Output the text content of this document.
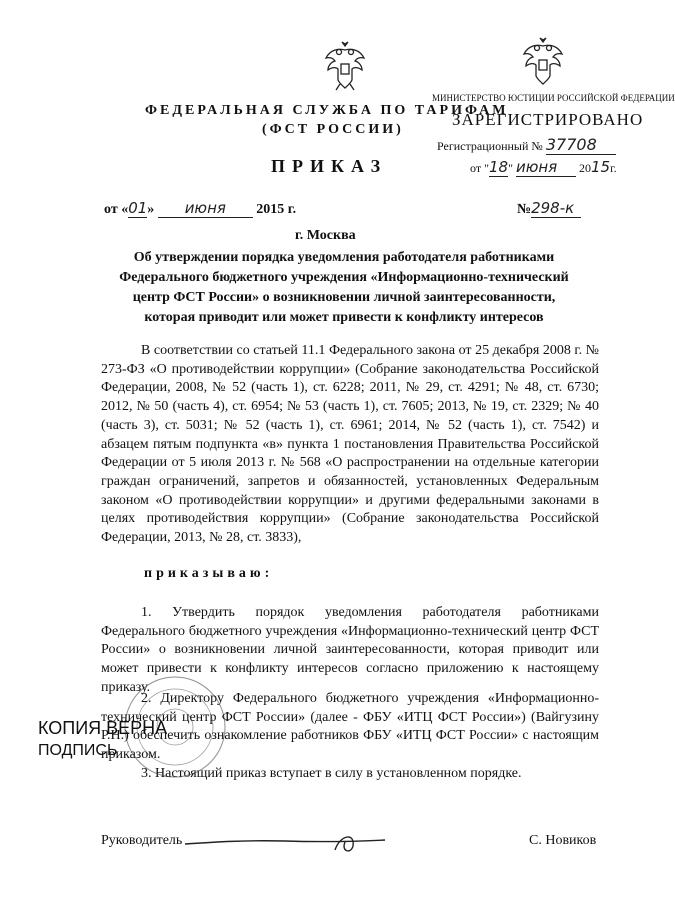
МИНИСТЕРСТВО ЮСТИЦИИ РОССИЙСКОЙ ФЕДЕРАЦИИ
ЗАРЕГИСТРИРОВАНО
Регистрационный № 37708
от "18" июня 2015г.
ФЕДЕРАЛЬНАЯ СЛУЖБА ПО ТАРИФАМ
(ФСТ РОССИИ)
ПРИКАЗ
от «01» июня 2015 г.	№298-к
г. Москва
Об утверждении порядка уведомления работодателя работниками
Федерального бюджетного учреждения «Информационно-технический
центр ФСТ России» о возникновении личной заинтересованности,
которая приводит или может привести к конфликту интересов
В соответствии со статьей 11.1 Федерального закона от 25 декабря 2008 г. № 273-ФЗ «О противодействии коррупции» (Собрание законодательства Российской Федерации, 2008, № 52 (часть 1), ст. 6228; 2011, № 29, ст. 4291; № 48, ст. 6730; 2012, № 50 (часть 4), ст. 6954; № 53 (часть 1), ст. 7605; 2013, № 19, ст. 2329; № 40 (часть 3), ст. 5031; № 52 (часть 1), ст. 6961; 2014, № 52 (часть 1), ст. 7542) и абзацем пятым подпункта «в» пункта 1 постановления Правительства Российской Федерации от 5 июля 2013 г. № 568 «О распространении на отдельные категории граждан ограничений, запретов и обязанностей, установленных Федеральным законом «О противодействии коррупции» и другими федеральными законами в целях противодействия коррупции» (Собрание законодательства Российской Федерации, 2013, № 28, ст. 3833),
приказываю:
1. Утвердить порядок уведомления работодателя работниками Федерального бюджетного учреждения «Информационно-технический центр ФСТ России» о возникновении личной заинтересованности, которая приводит или может привести к конфликту интересов согласно приложению к настоящему приказу.
2. Директору Федерального бюджетного учреждения «Информационно-технический центр ФСТ России» (далее - ФБУ «ИТЦ ФСТ России») (Вайгузину Р.Н.) обеспечить ознакомление работников ФБУ «ИТЦ ФСТ России» с настоящим приказом.
3. Настоящий приказ вступает в силу в установленном порядке.
КОПИЯ ВЕРНА
ПОДПИСЬ
Руководитель	С. Новиков
